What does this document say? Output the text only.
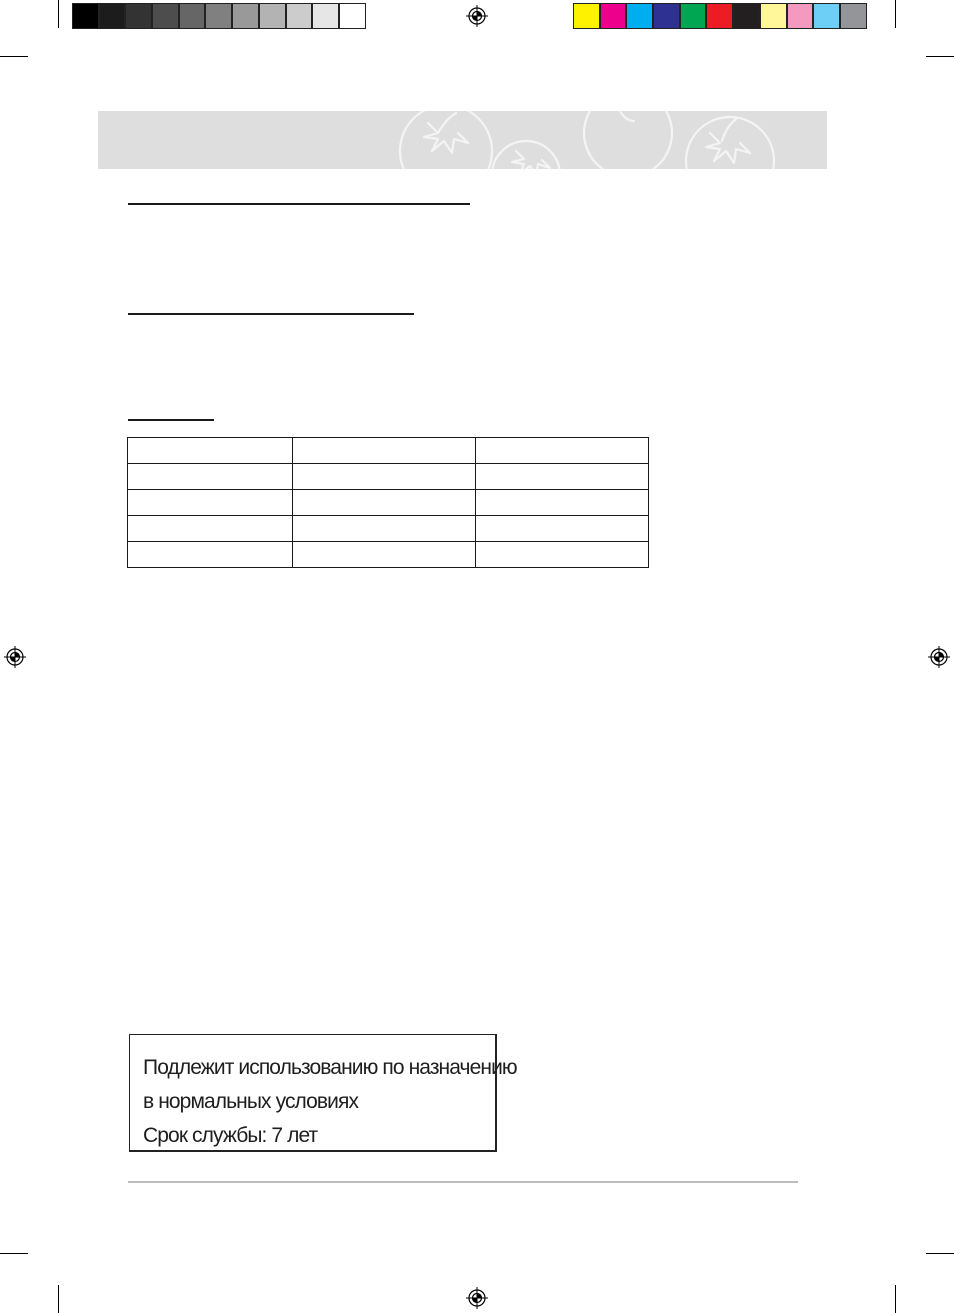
Подлежит использованию по назначению
в нормальных условиях
Срок службы: 7 лет
